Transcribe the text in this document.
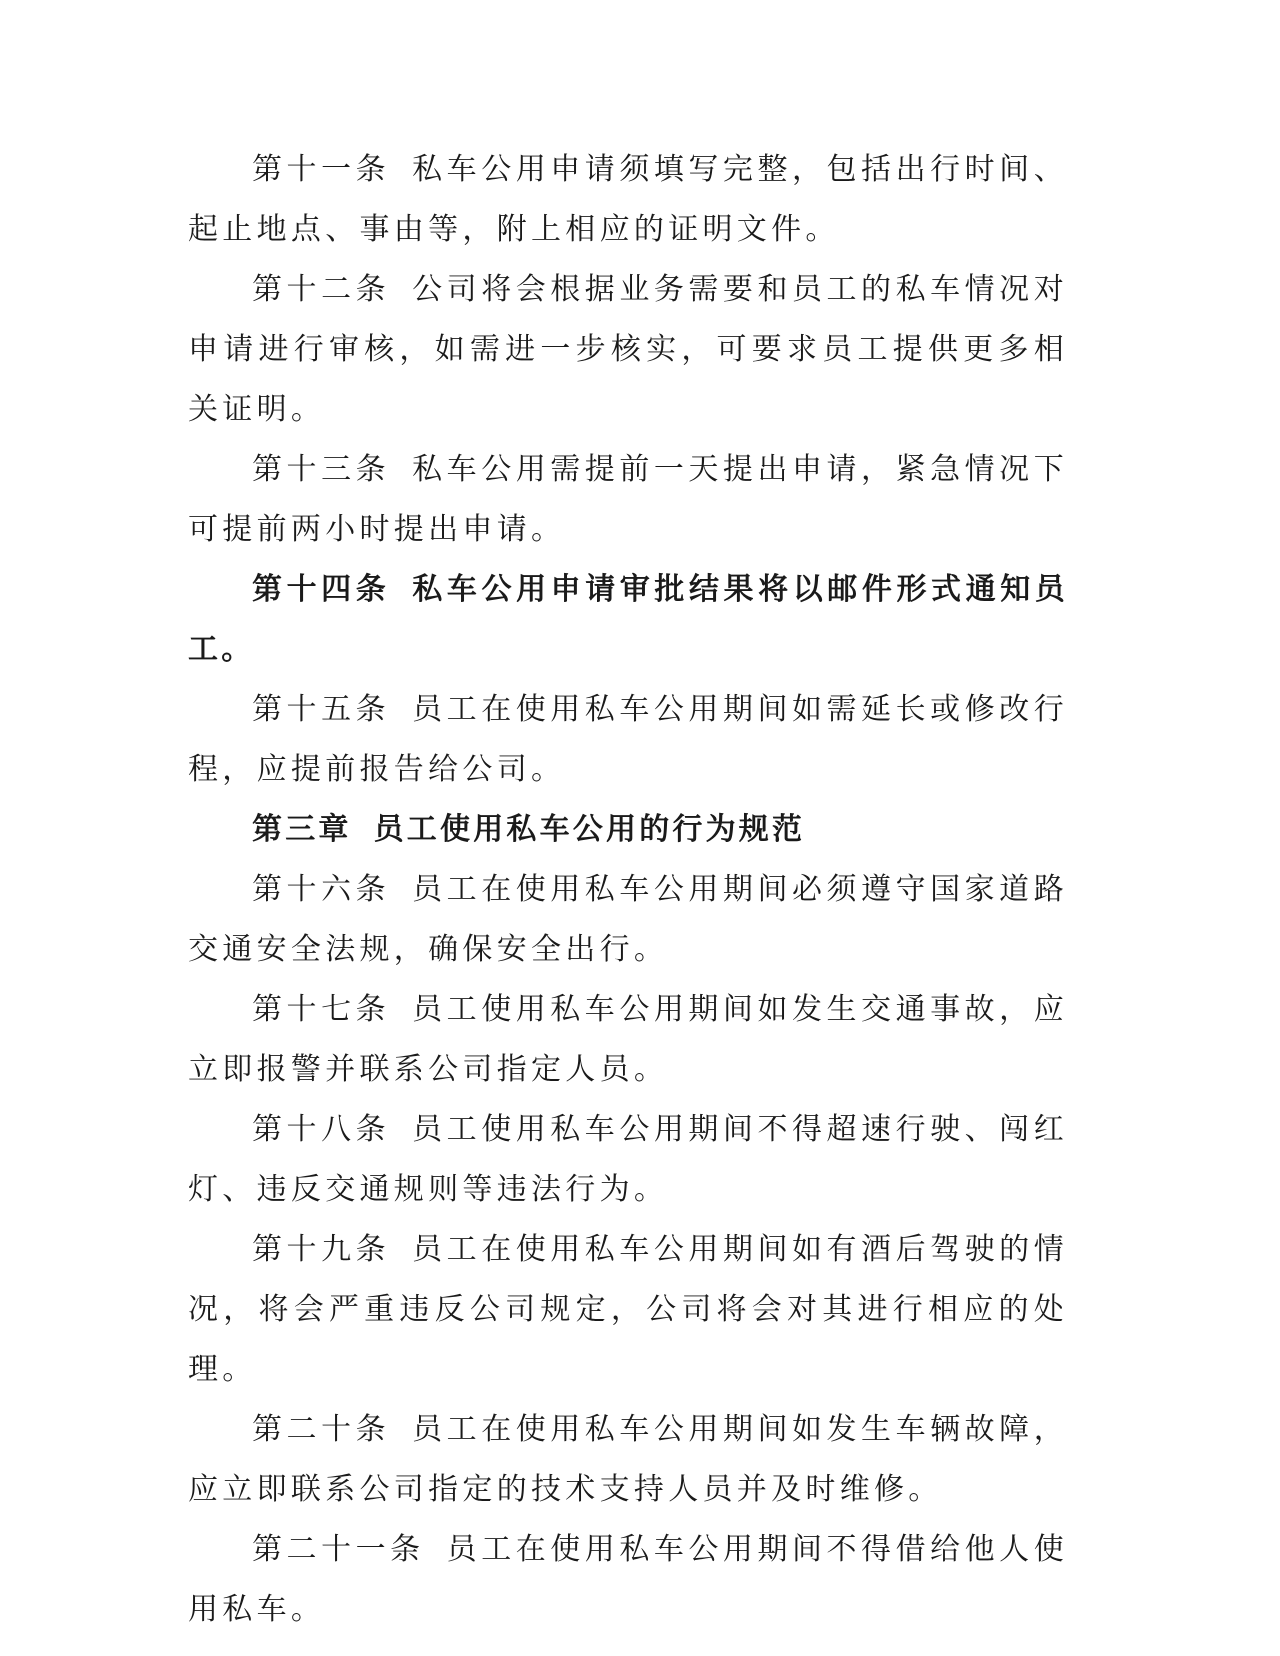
第十一条 私车公用申请须填写完整，包括出行时间、起止地点、事由等，附上相应的证明文件。

第十二条 公司将会根据业务需要和员工的私车情况对申请进行审核，如需进一步核实，可要求员工提供更多相关证明。

第十三条 私车公用需提前一天提出申请，紧急情况下可提前两小时提出申请。

第十四条 私车公用申请审批结果将以邮件形式通知员工。

第十五条 员工在使用私车公用期间如需延长或修改行程，应提前报告给公司。

第三章 员工使用私车公用的行为规范

第十六条 员工在使用私车公用期间必须遵守国家道路交通安全法规，确保安全出行。

第十七条 员工使用私车公用期间如发生交通事故，应立即报警并联系公司指定人员。

第十八条 员工使用私车公用期间不得超速行驶、闯红灯、违反交通规则等违法行为。

第十九条 员工在使用私车公用期间如有酒后驾驶的情况，将会严重违反公司规定，公司将会对其进行相应的处理。

第二十条 员工在使用私车公用期间如发生车辆故障，应立即联系公司指定的技术支持人员并及时维修。

第二十一条 员工在使用私车公用期间不得借给他人使用私车。
